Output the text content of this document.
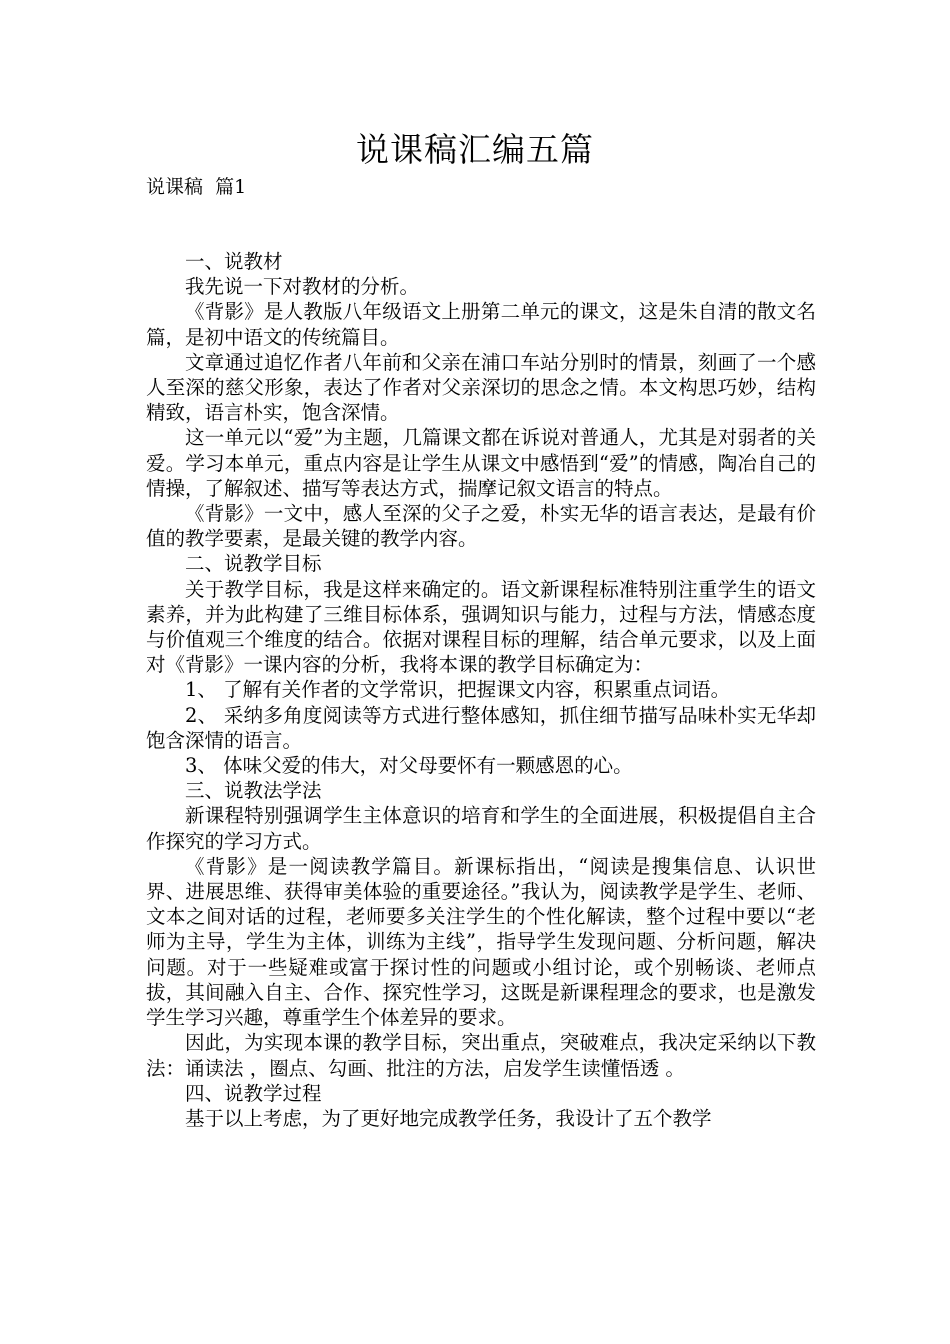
说课稿汇编五篇
说课稿  篇1

一、说教材

我先说一下对教材的分析。

《背影》是人教版八年级语文上册第二单元的课文，这是朱自清的散文名篇，是初中语文的传统篇目。

文章通过追忆作者八年前和父亲在浦口车站分别时的情景，刻画了一个感人至深的慈父形象，表达了作者对父亲深切的思念之情。本文构思巧妙，结构精致，语言朴实，饱含深情。

这一单元以“爱”为主题，几篇课文都在诉说对普通人，尤其是对弱者的关爱。学习本单元，重点内容是让学生从课文中感悟到“爱”的情感，陶冶自己的情操，了解叙述、描写等表达方式，揣摩记叙文语言的特点。

《背影》一文中，感人至深的父子之爱，朴实无华的语言表达，是最有价值的教学要素，是最关键的教学内容。

二、说教学目标

关于教学目标，我是这样来确定的。语文新课程标准特别注重学生的语文素养，并为此构建了三维目标体系，强调知识与能力，过程与方法，情感态度与价值观三个维度的结合。依据对课程目标的理解，结合单元要求，以及上面对《背影》一课内容的分析，我将本课的教学目标确定为：

1、 了解有关作者的文学常识，把握课文内容，积累重点词语。

2、 采纳多角度阅读等方式进行整体感知，抓住细节描写品味朴实无华却饱含深情的语言。

3、 体味父爱的伟大，对父母要怀有一颗感恩的心。

三、说教法学法

新课程特别强调学生主体意识的培育和学生的全面进展，积极提倡自主合作探究的学习方式。

《背影》是一阅读教学篇目。新课标指出，“阅读是搜集信息、认识世界、进展思维、获得审美体验的重要途径。”我认为，阅读教学是学生、老师、文本之间对话的过程，老师要多关注学生的个性化解读，整个过程中要以“老师为主导，学生为主体，训练为主线”，指导学生发现问题、分析问题，解决问题。对于一些疑难或富于探讨性的问题或小组讨论，或个别畅谈、老师点拔，其间融入自主、合作、探究性学习，这既是新课程理念的要求，也是激发学生学习兴趣，尊重学生个体差异的要求。

因此，为实现本课的教学目标，突出重点，突破难点，我决定采纳以下教法：诵读法 ，圈点、勾画、批注的方法，启发学生读懂悟透 。

四、说教学过程

基于以上考虑，为了更好地完成教学任务，我设计了五个教学
